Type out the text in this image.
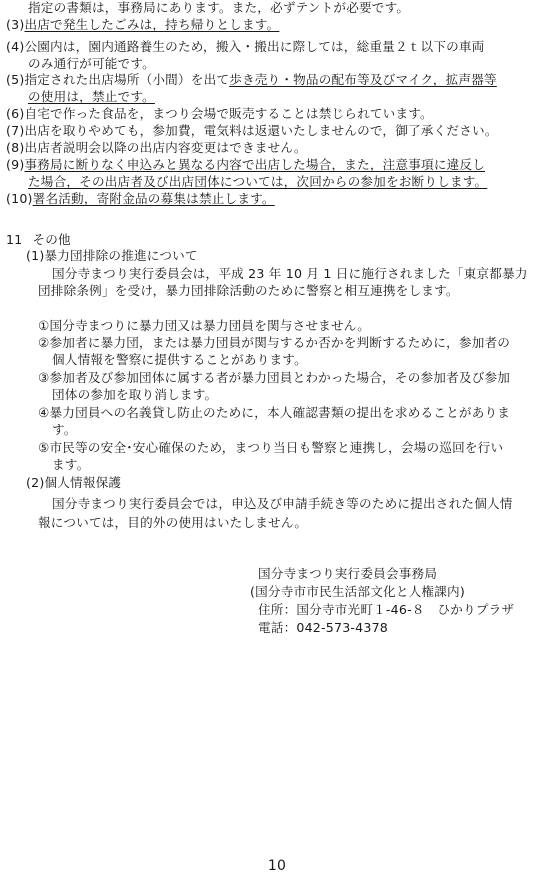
指定の書類は，事務局にあります。また，必ずテントが必要です。
(3)出店で発生したごみは，持ち帰りとします。
(4)公園内は，園内通路養生のため，搬入・搬出に際しては，総重量２ｔ以下の車両
のみ通行が可能です。
(5)指定された出店場所（小間）を出て歩き売り・物品の配布等及びマイク，拡声器等
の使用は，禁止です。
(6)自宅で作った食品を，まつり会場で販売することは禁じられています。
(7)出店を取りやめても，参加費，電気料は返還いたしませんので，御了承ください。
(8)出店者説明会以降の出店内容変更はできません。
(9)事務局に断りなく申込みと異なる内容で出店した場合，また，注意事項に違反し
た場合，その出店者及び出店団体については，次回からの参加をお断りします。
(10)署名活動，寄附金品の募集は禁止します。
11 その他
(1)暴力団排除の推進について
国分寺まつり実行委員会は，平成 23 年 10 月 1 日に施行されました「東京都暴力
団排除条例」を受け，暴力団排除活動のために警察と相互連携をします。
①国分寺まつりに暴力団又は暴力団員を関与させません。
②参加者に暴力団，または暴力団員が関与するか否かを判断するために，参加者の
個人情報を警察に提供することがあります。
③参加者及び参加団体に属する者が暴力団員とわかった場合，その参加者及び参加
団体の参加を取り消します。
④暴力団員への名義貸し防止のために，本人確認書類の提出を求めることがありま
す。
⑤市民等の安全･安心確保のため，まつり当日も警察と連携し，会場の巡回を行い
ます。
(2)個人情報保護
国分寺まつり実行委員会では，申込及び申請手続き等のために提出された個人情
報については，目的外の使用はいたしません。
国分寺まつり実行委員会事務局
(国分寺市市民生活部文化と人権課内)
住所：国分寺市光町１-46-８　ひかりプラザ
電話：042-573-4378
10
